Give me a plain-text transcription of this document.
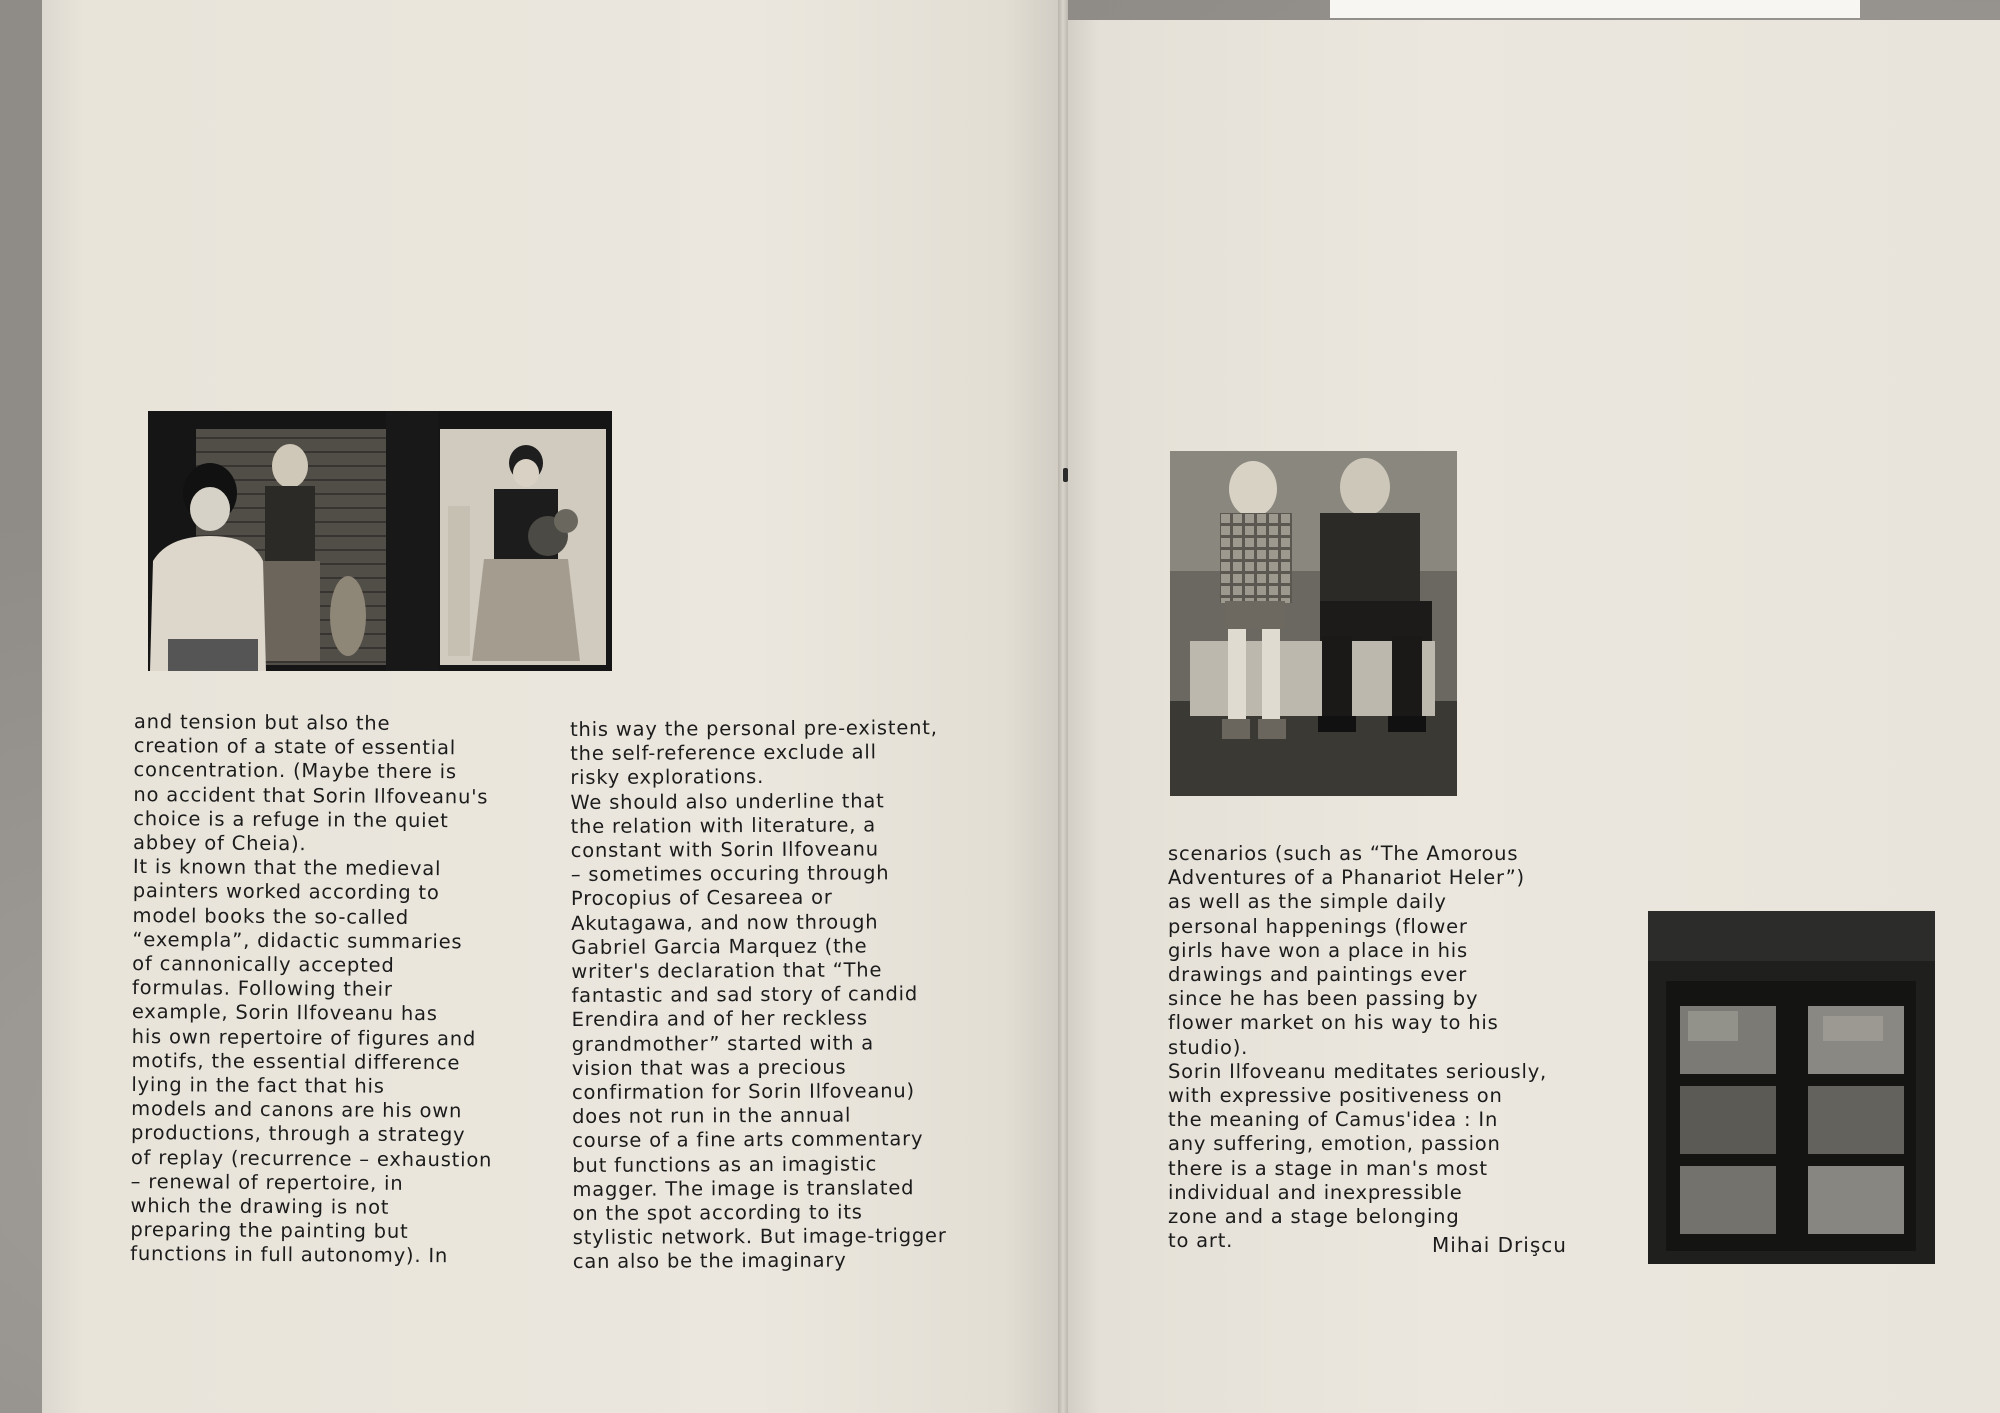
and tension but also the
creation of a state of essential
concentration. (Maybe there is
no accident that Sorin Ilfoveanu's
choice is a refuge in the quiet
abbey of Cheia).
It is known that the medieval
painters worked according to
model books the so-called
“exempla”, didactic summaries
of cannonically accepted
formulas. Following their
example, Sorin Ilfoveanu has
his own repertoire of figures and
motifs, the essential difference
lying in the fact that his
models and canons are his own
productions, through a strategy
of replay (recurrence – exhaustion
– renewal of repertoire, in
which the drawing is not
preparing the painting but
functions in full autonomy). In
this way the personal pre-existent,
the self-reference exclude all
risky explorations.
We should also underline that
the relation with literature, a
constant with Sorin Ilfoveanu
– sometimes occuring through
Procopius of Cesareea or
Akutagawa, and now through
Gabriel Garcia Marquez (the
writer's declaration that “The
fantastic and sad story of candid
Erendira and of her reckless
grandmother” started with a
vision that was a precious
confirmation for Sorin Ilfoveanu)
does not run in the annual
course of a fine arts commentary
but functions as an imagistic
magger. The image is translated
on the spot according to its
stylistic network. But image-trigger
can also be the imaginary
scenarios (such as “The Amorous
Adventures of a Phanariot Heler”)
as well as the simple daily
personal happenings (flower
girls have won a place in his
drawings and paintings ever
since he has been passing by
flower market on his way to his
studio).
Sorin Ilfoveanu meditates seriously,
with expressive positiveness on
the meaning of Camus'idea : In
any suffering, emotion, passion
there is a stage in man's most
individual and inexpressible
zone and a stage belonging
to art.	Mihai Drişcu
